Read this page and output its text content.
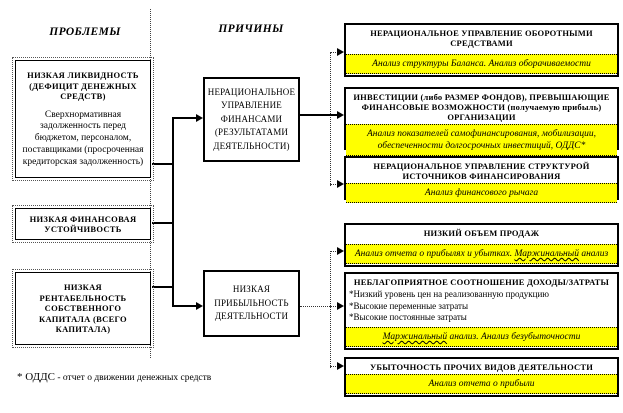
ПРОБЛЕМЫ	ПРИЧИНЫ
НИЗКАЯ ЛИКВИДНОСТЬ (ДЕФИЦИТ ДЕНЕЖНЫХ СРЕДСТВ)
Сверхнормативная задолженность перед бюджетом, персоналом, поставщиками (просроченная кредиторская задолженность)
НИЗКАЯ ФИНАНСОВАЯ УСТОЙЧИВОСТЬ
НИЗКАЯ РЕНТАБЕЛЬНОСТЬ СОБСТВЕННОГО КАПИТАЛА (ВСЕГО КАПИТАЛА)
НЕРАЦИОНАЛЬНОЕ УПРАВЛЕНИЕ ФИНАНСАМИ (РЕЗУЛЬТАТАМИ ДЕЯТЕЛЬНОСТИ)
НИЗКАЯ ПРИБЫЛЬНОСТЬ ДЕЯТЕЛЬНОСТИ
НЕРАЦИОНАЛЬНОЕ УПРАВЛЕНИЕ ОБОРОТНЫМИ СРЕДСТВАМИ
Анализ структуры Баланса. Анализ оборачиваемости
ИНВЕСТИЦИИ (либо РАЗМЕР ФОНДОВ), ПРЕВЫШАЮЩИЕ ФИНАНСОВЫЕ ВОЗМОЖНОСТИ (получаемую прибыль) ОРГАНИЗАЦИИ
Анализ показателей самофинансирования, мобилизации, обеспеченности долгосрочных инвестиций, ОДДС*
НЕРАЦИОНАЛЬНОЕ УПРАВЛЕНИЕ СТРУКТУРОЙ ИСТОЧНИКОВ ФИНАНСИРОВАНИЯ
Анализ финансового рычага
НИЗКИЙ ОБЪЕМ ПРОДАЖ
Анализ отчета о прибылях и убытках. Маржинальный анализ
НЕБЛАГОПРИЯТНОЕ СООТНОШЕНИЕ ДОХОДЫ/ЗАТРАТЫ
*Низкий уровень цен на реализованную продукцию
*Высокие переменные затраты
*Высокие постоянные затраты
Маржинальный анализ. Анализ безубыточности
УБЫТОЧНОСТЬ ПРОЧИХ ВИДОВ ДЕЯТЕЛЬНОСТИ
Анализ отчета о прибыли
* ОДДС - отчет о движении денежных средств
